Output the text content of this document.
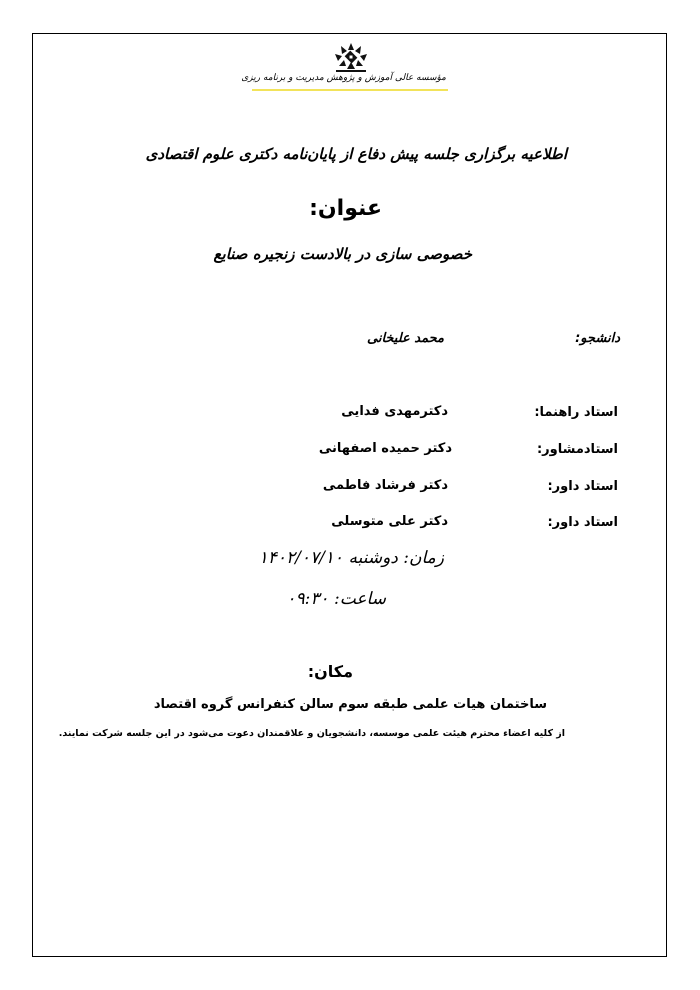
مؤسسه عالی آموزش و پژوهش مدیریت و برنامه ریزی
اطلاعیه برگزاری جلسه پیش دفاع از پایان‌نامه دکتری علوم اقتصادی
عنوان:
خصوصی سازی در بالادست زنجیره صنایع
دانشجو:
محمد علیخانی
استاد راهنما:
دکترمهدی فدایی
استادمشاور:
دکتر حمیده اصفهانی
استاد داور:
دکتر فرشاد فاطمی
استاد داور:
دکتر علی متوسلی
زمان: دوشنبه ۱۴۰۲/۰۷/۱۰
ساعت: ۰۹:۳۰
مکان:
ساختمان هیات علمی طبقه سوم سالن کنفرانس گروه اقتصاد
از کلیه اعضاء محترم هیئت علمی موسسه، دانشجویان و علاقمندان دعوت می‌شود در این جلسه شرکت نمایند.
